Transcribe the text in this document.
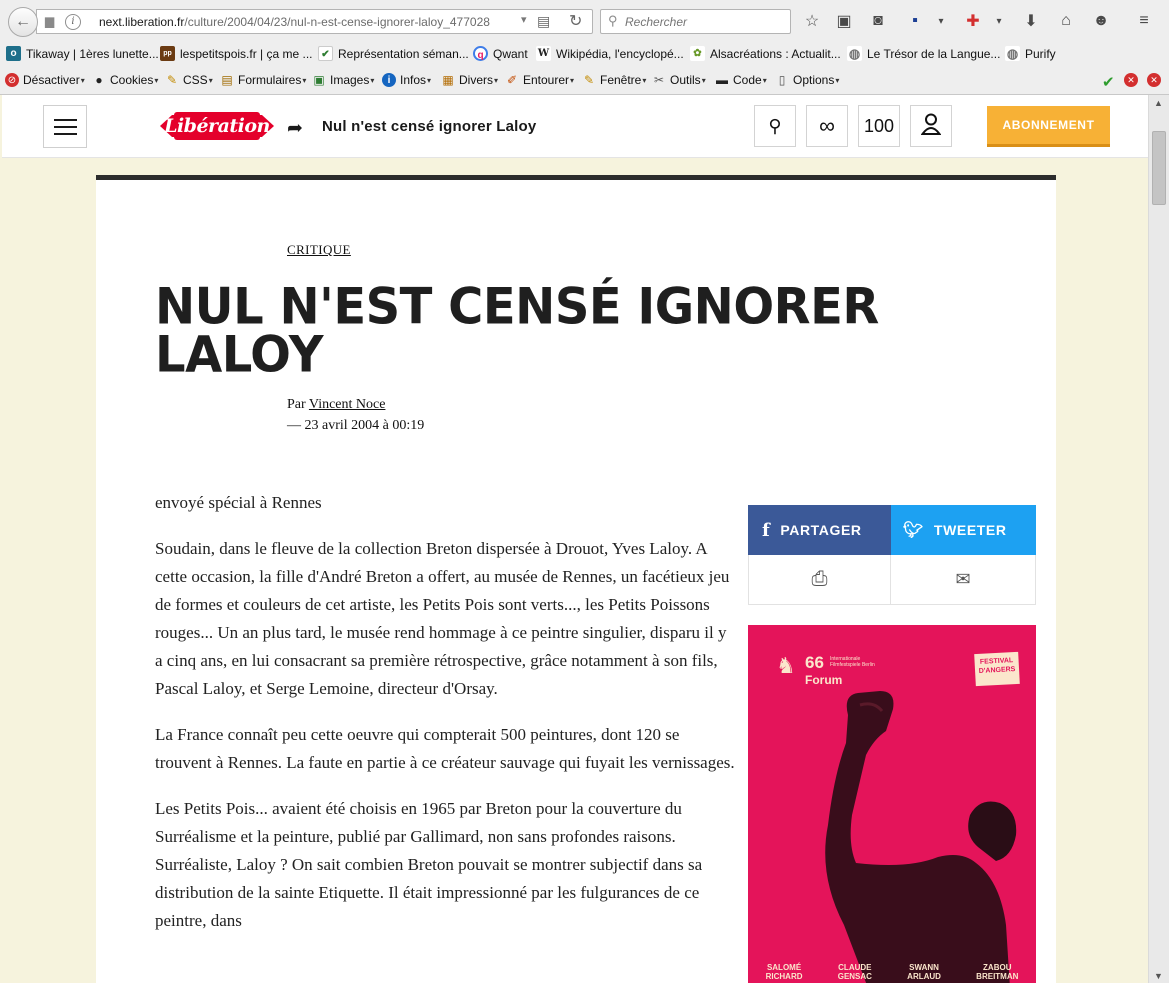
▆	i	next.liberation.fr/culture/2004/04/23/nul-n-est-cense-ignorer-laloy_477028	▾ ▤ ↻
←	⚲
Rechercher	☆ ▣	◙	▪	▾	✚	▾	⬇	⌂	☻	≡
o Tikaway | 1ères lunette... pp lespetitspois.fr | ça me ... ✔ Représentation séman... q Qwant W Wikipédia, l'encyclopé... ✿ Alsacréations : Actualit... ◍ Le Trésor de la Langue... ◍ Purify
⊘ Désactiver ▾ ● Cookies ▾ ✎ CSS ▾ ▤ Formulaires ▾ ▣ Images ▾	i Infos ▾ ▦ Divers ▾ ✐ Entourer ▾ ✎ Fenêtre ▾ ✂ Outils ▾ ▬ Code ▾ ▯ Options ▾	✔	✕	✕
Libération ➦ Nul n'est censé ignorer Laloy	⚲ ∞ 100	ABONNEMENT
CRITIQUE
NUL N'EST CENSÉ IGNORER LALOY
Par Vincent Noce
— 23 avril 2004 à 00:19

envoyé spécial à Rennes

Soudain, dans le fleuve de la collection Breton dispersée à Drouot, Yves Laloy. A cette occasion, la fille d'André Breton a offert, au musée de Rennes, un facétieux jeu de formes et couleurs de cet artiste, les Petits Pois sont verts..., les Petits Poissons rouges... Un an plus tard, le musée rend hommage à ce peintre singulier, disparu il y a cinq ans, en lui consacrant sa première rétrospective, grâce notamment à son fils, Pascal Laloy, et Serge Lemoine, directeur d'Orsay.

La France connaît peu cette oeuvre qui compterait 500 peintures, dont 120 se trouvent à Rennes. La faute en partie à ce créateur sauvage qui fuyait les vernissages.

Les Petits Pois... avaient été choisis en 1965 par Breton pour la couverture du Surréalisme et la peinture, publié par Gallimard, non sans profondes raisons. Surréaliste, Laloy ? On sait combien Breton pouvait se montrer subjectif dans sa distribution de la sainte Etiquette. Il était impressionné par les fulgurances de ce peintre, dans

f PARTAGER	🐦︎ TWEETER
⎙	✉
♞ 66 Internationale Filmfestspiele Berlin
Forum
FESTIVAL D'ANGERS
SALOMÉ
RICHARD
CLAUDE
GENSAC
SWANN
ARLAUD
ZABOU
BREITMAN
▲
▼
